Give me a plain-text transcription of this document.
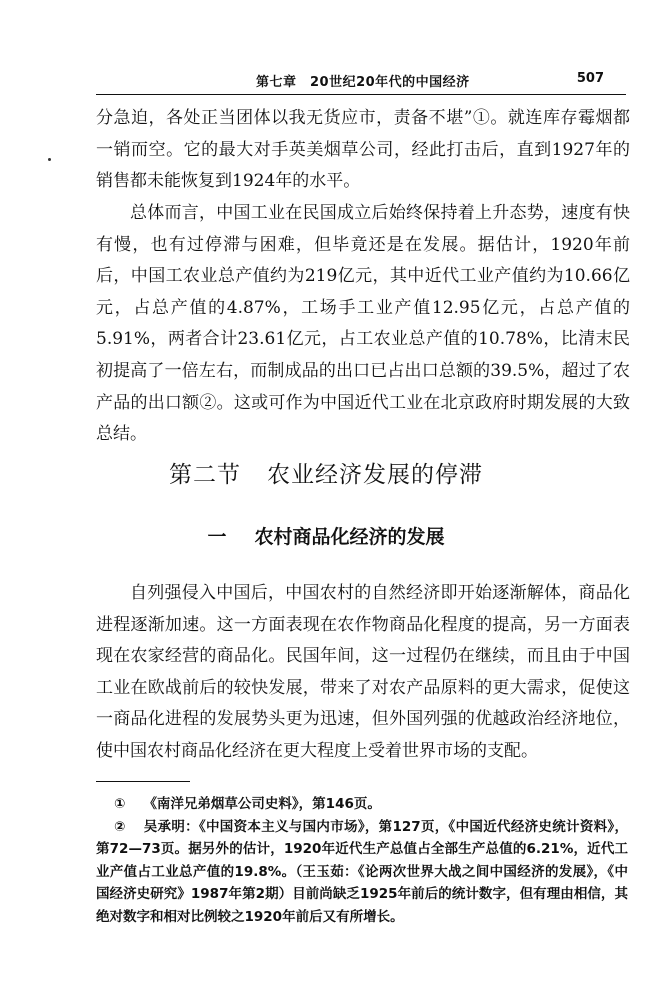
第七章　20世纪20年代的中国经济	507
分急迫，各处正当团体以我无货应市，责备不堪”①。就连库存霉烟都一销而空。它的最大对手英美烟草公司，经此打击后，直到1927年的销售都未能恢复到1924年的水平。
总体而言，中国工业在民国成立后始终保持着上升态势，速度有快有慢，也有过停滞与困难，但毕竟还是在发展。据估计，1920年前后，中国工农业总产值约为219亿元，其中近代工业产值约为10.66亿元，占总产值的4.87%，工场手工业产值12.95亿元，占总产值的5.91%，两者合计23.61亿元，占工农业总产值的10.78%，比清末民初提高了一倍左右，而制成品的出口已占出口总额的39.5%，超过了农产品的出口额②。这或可作为中国近代工业在北京政府时期发展的大致总结。
第二节 农业经济发展的停滞
一 农村商品化经济的发展
自列强侵入中国后，中国农村的自然经济即开始逐渐解体，商品化进程逐渐加速。这一方面表现在农作物商品化程度的提高，另一方面表现在农家经营的商品化。民国年间，这一过程仍在继续，而且由于中国工业在欧战前后的较快发展，带来了对农产品原料的更大需求，促使这一商品化进程的发展势头更为迅速，但外国列强的优越政治经济地位，使中国农村商品化经济在更大程度上受着世界市场的支配。

① 《南洋兄弟烟草公司史料》，第146页。

② 吴承明：《中国资本主义与国内市场》，第127页，《中国近代经济史统计资料》，第72—73页。据另外的估计，1920年近代生产总值占全部生产总值的6.21%，近代工业产值占工业总产值的19.8%。（王玉茹：《论两次世界大战之间中国经济的发展》，《中国经济史研究》1987年第2期）目前尚缺乏1925年前后的统计数字，但有理由相信，其绝对数字和相对比例较之1920年前后又有所增长。
